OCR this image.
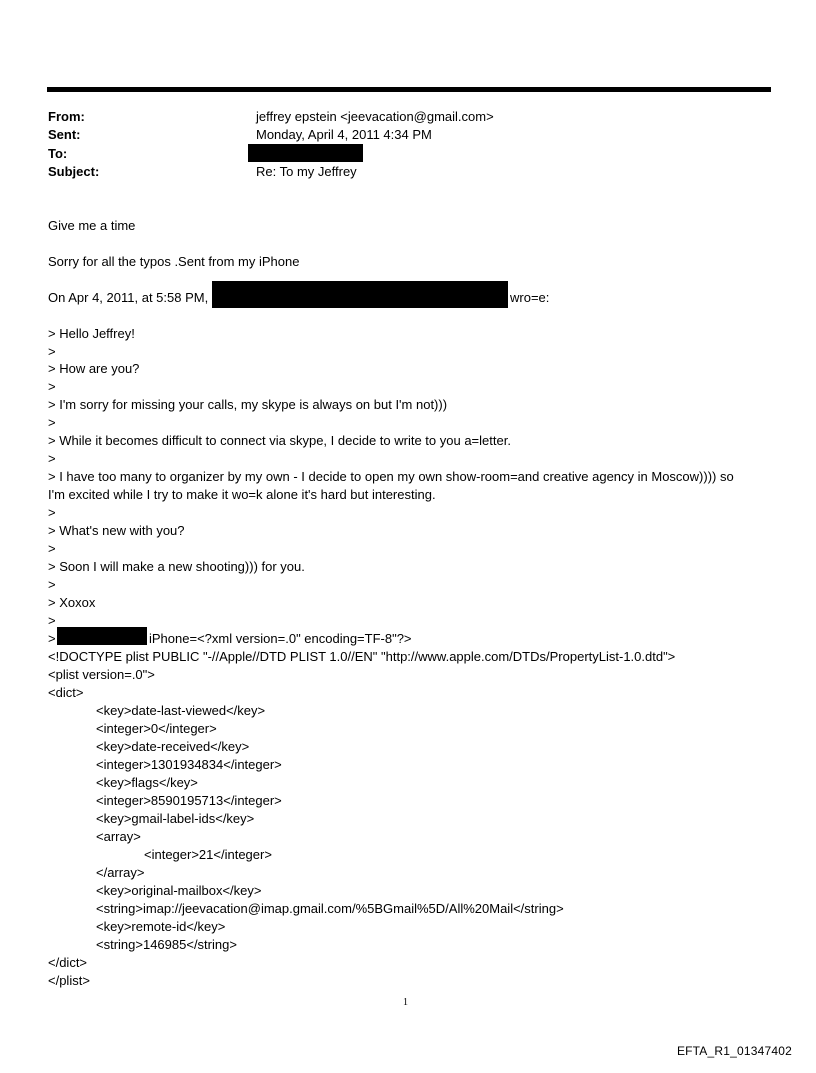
From:	jeffrey epstein <jeevacation@gmail.com>
Sent:	Monday, April 4, 2011 4:34 PM
To:
Subject:	Re: To my Jeffrey
Give me a time
Sorry for all the typos .Sent from my iPhone
On Apr 4, 2011, at 5:58 PM,	wro=e:
> Hello Jeffrey!
>
> How are you?
>
> I'm sorry for missing your calls, my skype is always on but I'm not)))
>
> While it becomes difficult to connect via skype, I decide to write to you a=letter.
>
> I have too many to organizer by my own - I decide to open my own show-room=and creative agency in Moscow)))) so
I'm excited while I try to make it wo=k alone it's hard but interesting.
>
> What's new with you?
>
> Soon I will make a new shooting))) for you.
>
> Xoxox
>
>	iPhone=<?xml version=.0" encoding=TF-8"?>
<!DOCTYPE plist PUBLIC "-//Apple//DTD PLIST 1.0//EN" "http://www.apple.com/DTDs/PropertyList-1.0.dtd">
<plist version=.0">
<dict>
<key>date-last-viewed</key>
<integer>0</integer>
<key>date-received</key>
<integer>1301934834</integer>
<key>flags</key>
<integer>8590195713</integer>
<key>gmail-label-ids</key>
<array>
<integer>21</integer>
</array>
<key>original-mailbox</key>
<string>imap://jeevacation@imap.gmail.com/%5BGmail%5D/All%20Mail</string>
<key>remote-id</key>
<string>146985</string>
</dict>
</plist>
1
EFTA_R1_01347402
